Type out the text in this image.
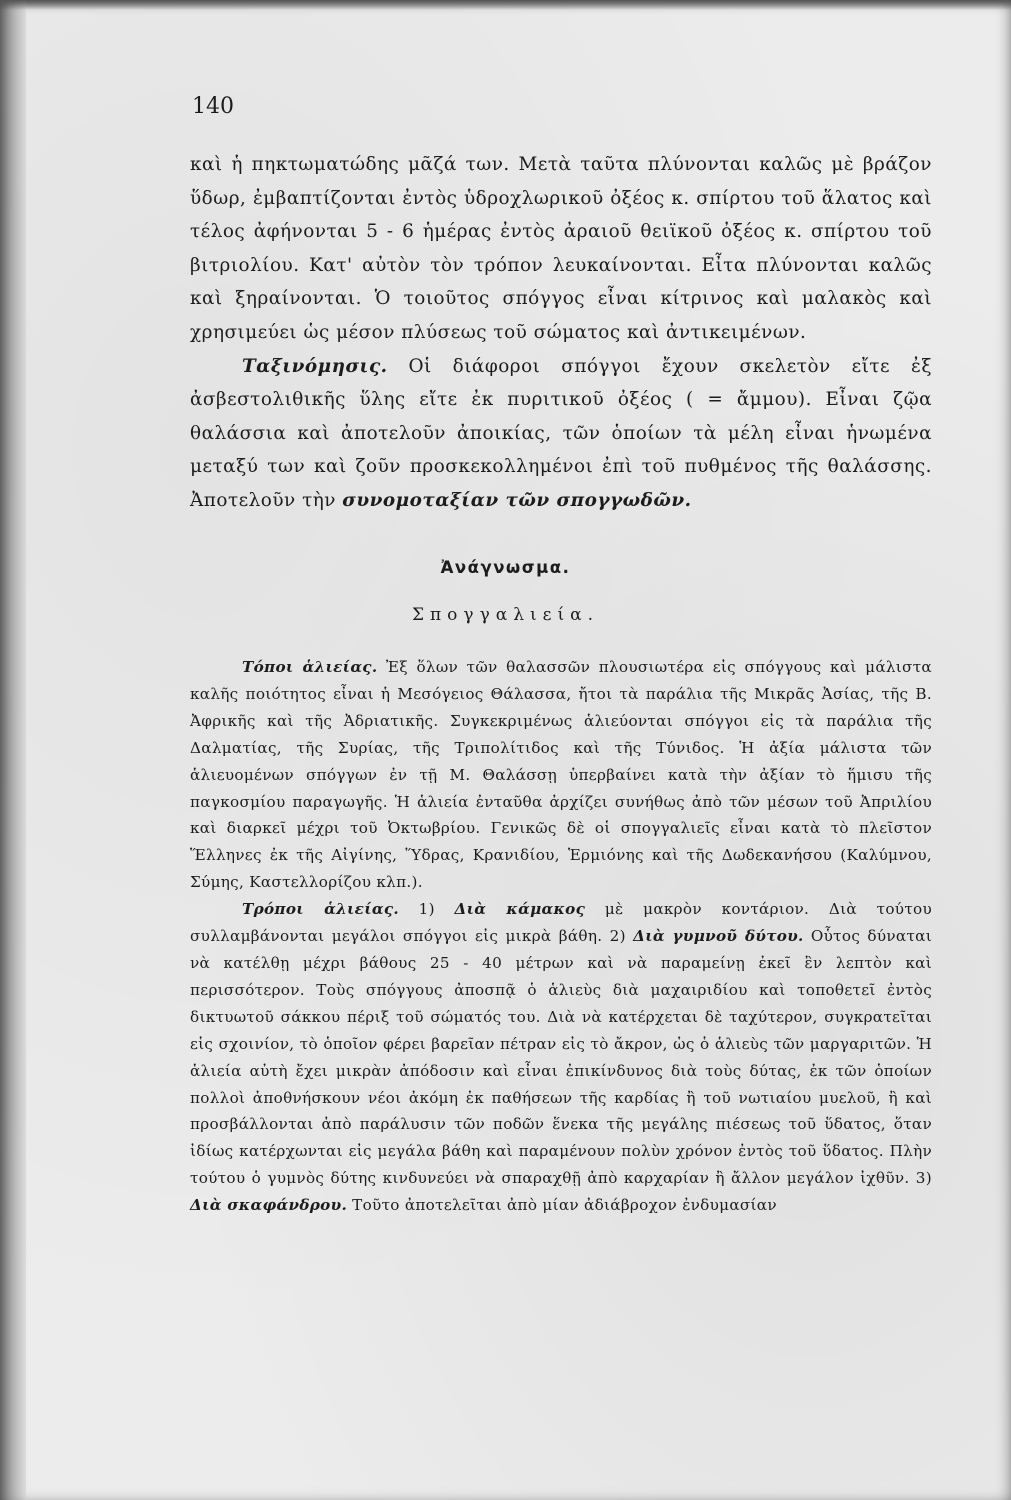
140

καὶ ἡ πηκτωματώδης μᾶζά των. Μετὰ ταῦτα πλύνονται καλῶς μὲ βράζον ὕδωρ, ἐμβαπτίζονται ἐντὸς ὑδροχλωρικοῦ ὀξέος κ. σπίρτου τοῦ ἅλατος καὶ τέλος ἀφήνονται 5 - 6 ἡμέρας ἐντὸς ἀραιοῦ θειϊκοῦ ὀξέος κ. σπίρτου τοῦ βιτριολίου. Κατ' αὐτὸν τὸν τρόπον λευκαίνονται. Εἶτα πλύνονται καλῶς καὶ ξηραίνονται. Ὁ τοιοῦτος σπόγγος εἶναι κίτρινος καὶ μαλακὸς καὶ χρησιμεύει ὡς μέσον πλύσεως τοῦ σώματος καὶ ἀντικειμένων.

Ταξινόμησις. Οἱ διάφοροι σπόγγοι ἔχουν σκελετὸν εἴτε ἐξ ἀσβεστολιθικῆς ὕλης εἴτε ἐκ πυριτικοῦ ὀξέος ( = ἄμμου). Εἶναι ζῷα θαλάσσια καὶ ἀποτελοῦν ἀποικίας, τῶν ὁποίων τὰ μέλη εἶναι ἡνωμένα μεταξύ των καὶ ζοῦν προσκεκολλημένοι ἐπὶ τοῦ πυθμένος τῆς θαλάσσης. Ἀποτελοῦν τὴν συνομοταξίαν τῶν σπογγωδῶν.

Ἀνάγνωσμα.
Σπογγαλιεία.

Τόποι ἁλιείας. Ἐξ ὅλων τῶν θαλασσῶν πλουσιωτέρα εἰς σπόγγους καὶ μάλιστα καλῆς ποιότητος εἶναι ἡ Μεσόγειος Θάλασσα, ἤτοι τὰ παράλια τῆς Μικρᾶς Ἀσίας, τῆς Β. Ἀφρικῆς καὶ τῆς Ἀδριατικῆς. Συγκεκριμένως ἁλιεύονται σπόγγοι εἰς τὰ παράλια τῆς Δαλματίας, τῆς Συρίας, τῆς Τριπολίτιδος καὶ τῆς Τύνιδος. Ἡ ἀξία μάλιστα τῶν ἁλιευομένων σπόγγων ἐν τῇ Μ. Θαλάσσῃ ὑπερβαίνει κατὰ τὴν ἀξίαν τὸ ἥμισυ τῆς παγκοσμίου παραγωγῆς. Ἡ ἁλιεία ἐνταῦθα ἀρχίζει συνήθως ἀπὸ τῶν μέσων τοῦ Ἀπριλίου καὶ διαρκεῖ μέχρι τοῦ Ὀκτωβρίου. Γενικῶς δὲ οἱ σπογγαλιεῖς εἶναι κατὰ τὸ πλεῖστον Ἕλληνες ἐκ τῆς Αἰγίνης, Ὕδρας, Κρανιδίου, Ἑρμιόνης καὶ τῆς Δωδεκανήσου (Καλύμνου, Σύμης, Καστελλορίζου κλπ.).

Τρόποι ἁλιείας. 1) Διὰ κάμακος μὲ μακρὸν κοντάριον. Διὰ τούτου συλλαμβάνονται μεγάλοι σπόγγοι εἰς μικρὰ βάθη. 2) Διὰ γυμνοῦ δύτου. Οὗτος δύναται νὰ κατέλθῃ μέχρι βάθους 25 - 40 μέτρων καὶ νὰ παραμείνῃ ἐκεῖ ἓν λεπτὸν καὶ περισσότερον. Τοὺς σπόγγους ἀποσπᾷ ὁ ἁλιεὺς διὰ μαχαιριδίου καὶ τοποθετεῖ ἐντὸς δικτυωτοῦ σάκκου πέριξ τοῦ σώματός του. Διὰ νὰ κατέρχεται δὲ ταχύτερον, συγκρατεῖται εἰς σχοινίον, τὸ ὁποῖον φέρει βαρεῖαν πέτραν εἰς τὸ ἄκρον, ὡς ὁ ἁλιεὺς τῶν μαργαριτῶν. Ἡ ἁλιεία αὐτὴ ἔχει μικρὰν ἀπόδοσιν καὶ εἶναι ἐπικίνδυνος διὰ τοὺς δύτας, ἐκ τῶν ὁποίων πολλοὶ ἀποθνήσκουν νέοι ἀκόμη ἐκ παθήσεων τῆς καρδίας ἢ τοῦ νωτιαίου μυελοῦ, ἢ καὶ προσβάλλονται ἀπὸ παράλυσιν τῶν ποδῶν ἕνεκα τῆς μεγάλης πιέσεως τοῦ ὕδατος, ὅταν ἰδίως κατέρχωνται εἰς μεγάλα βάθη καὶ παραμένουν πολὺν χρόνον ἐντὸς τοῦ ὕδατος. Πλὴν τούτου ὁ γυμνὸς δύτης κινδυνεύει νὰ σπαραχθῇ ἀπὸ καρχαρίαν ἢ ἄλλον μεγάλον ἰχθῦν. 3) Διὰ σκαφάνδρου. Τοῦτο ἀποτελεῖται ἀπὸ μίαν ἀδιάβροχον ἐνδυμασίαν
